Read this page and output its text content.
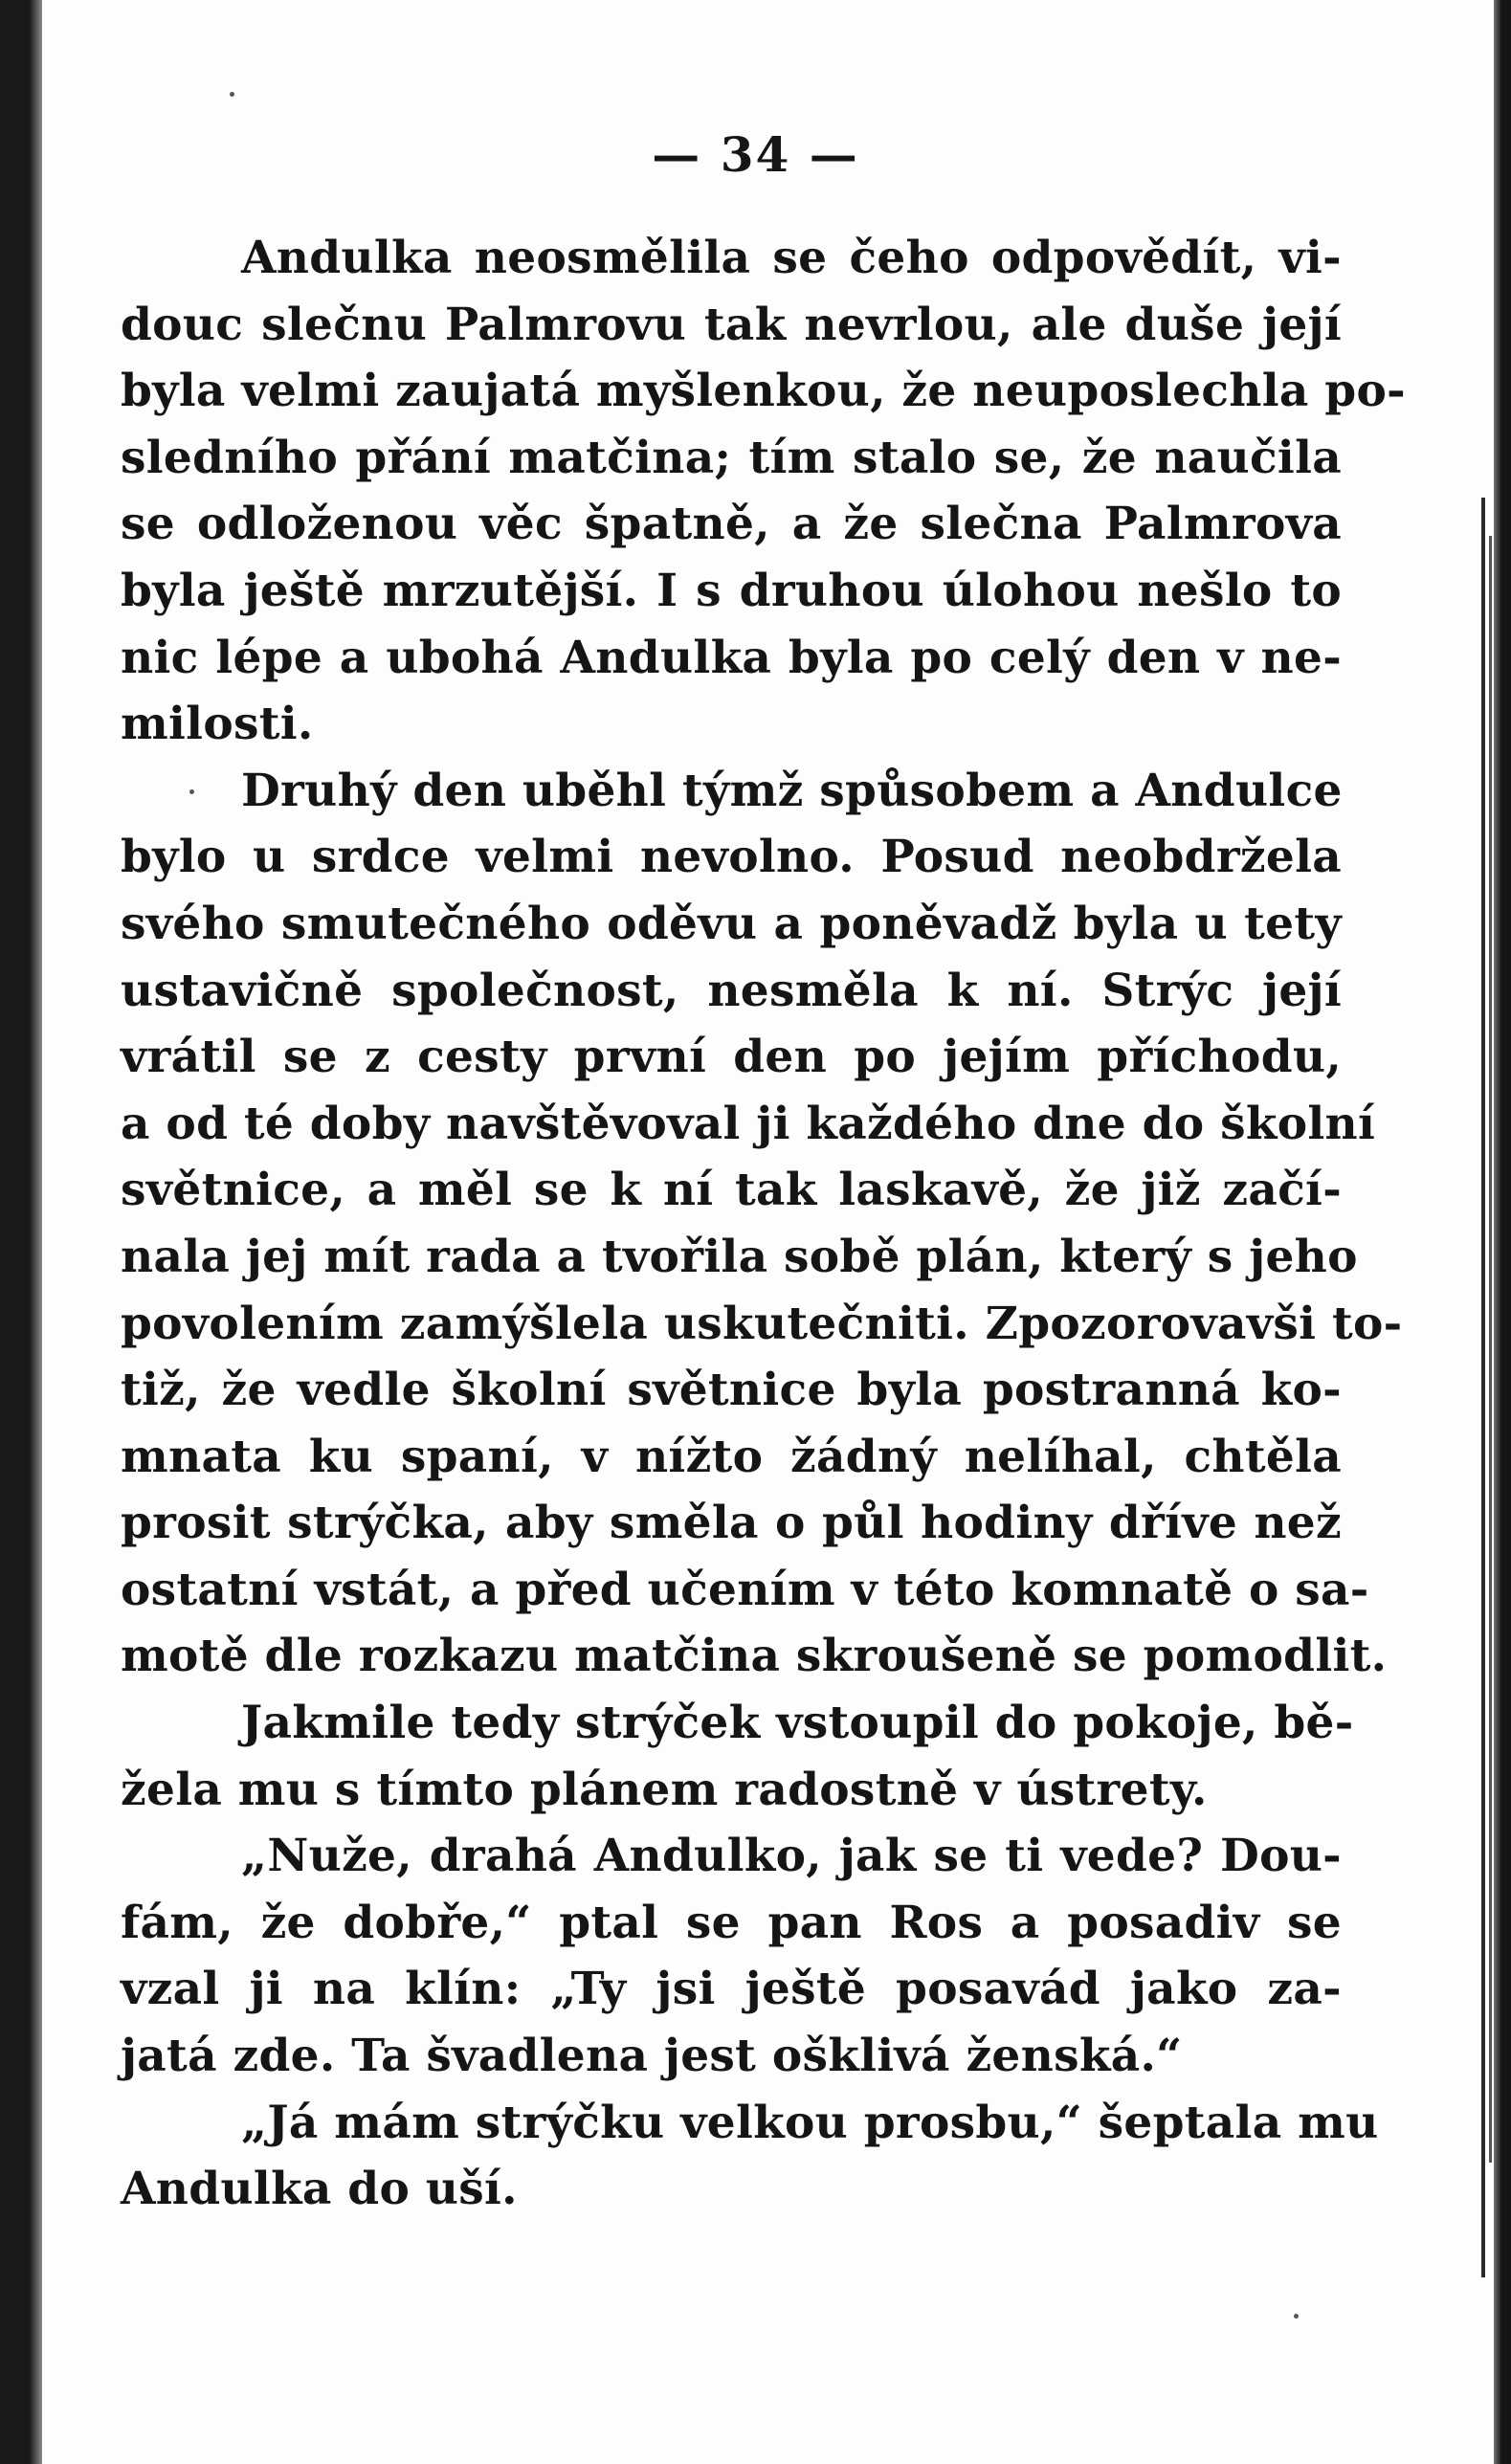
— 34 —
Andulka neosmělila se čeho odpovědít, vi-
douc slečnu Palmrovu tak nevrlou, ale duše její
byla velmi zaujatá myšlenkou, že neuposlechla po-
sledního přání matčina; tím stalo se, že naučila
se odloženou věc špatně, a že slečna Palmrova
byla ještě mrzutější. I s druhou úlohou nešlo to
nic lépe a ubohá Andulka byla po celý den v ne-
milosti.
Druhý den uběhl týmž spůsobem a Andulce
bylo u srdce velmi nevolno. Posud neobdržela
svého smutečného oděvu a poněvadž byla u tety
ustavičně společnost, nesměla k ní. Strýc její
vrátil se z cesty první den po jejím příchodu,
a od té doby navštěvoval ji každého dne do školní
světnice, a měl se k ní tak laskavě, že již začí-
nala jej mít rada a tvořila sobě plán, který s jeho
povolením zamýšlela uskutečniti. Zpozorovavši to-
tiž, že vedle školní světnice byla postranná ko-
mnata ku spaní, v nížto žádný nelíhal, chtěla
prosit strýčka, aby směla o půl hodiny dříve než
ostatní vstát, a před učením v této komnatě o sa-
motě dle rozkazu matčina skroušeně se pomodlit.
Jakmile tedy strýček vstoupil do pokoje, bě-
žela mu s tímto plánem radostně v ústrety.
„Nuže, drahá Andulko, jak se ti vede? Dou-
fám, že dobře,“ ptal se pan Ros a posadiv se
vzal ji na klín: „Ty jsi ještě posavád jako za-
jatá zde. Ta švadlena jest ošklivá ženská.“
„Já mám strýčku velkou prosbu,“ šeptala mu
Andulka do uší.
